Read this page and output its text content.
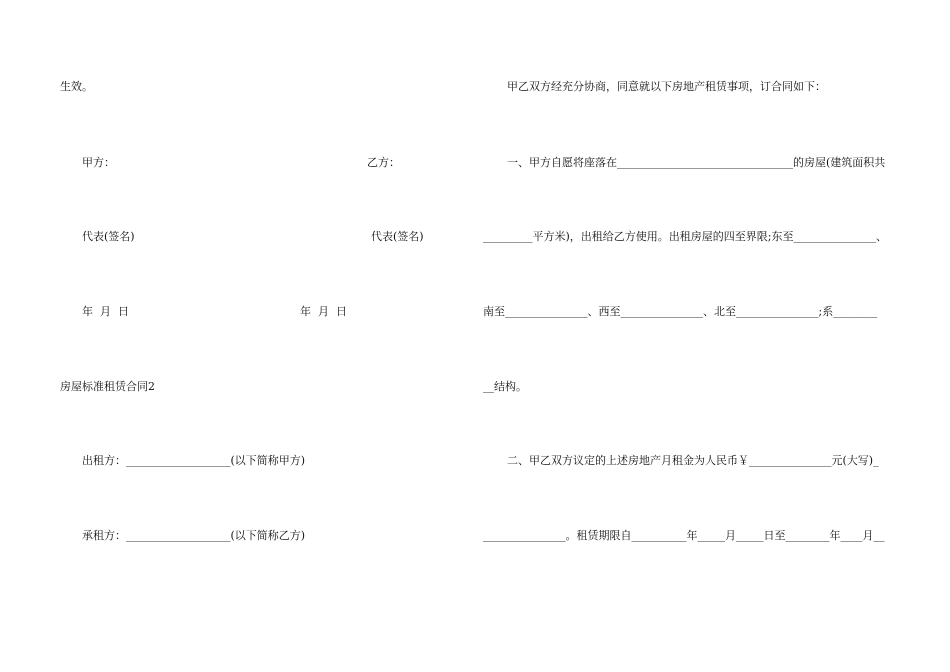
生效。
甲方：	乙方：
代表(签名)	代表(签名)
年  月  日	年  月  日
房屋标准租赁合同2
出租方：___________________(以下简称甲方)
承租方：___________________(以下简称乙方)
甲乙双方经充分协商，同意就以下房地产租赁事项，订合同如下：
一、甲方自愿将座落在________________________________的房屋(建筑面积共
_________平方米)，出租给乙方使用。出租房屋的四至界限;东至_______________、
南至_______________、西至_______________、北至_______________;系________
__结构。
二、甲乙双方议定的上述房地产月租金为人民币￥_______________元(大写)_
_______________。租赁期限自__________年_____月_____日至________年____月__
